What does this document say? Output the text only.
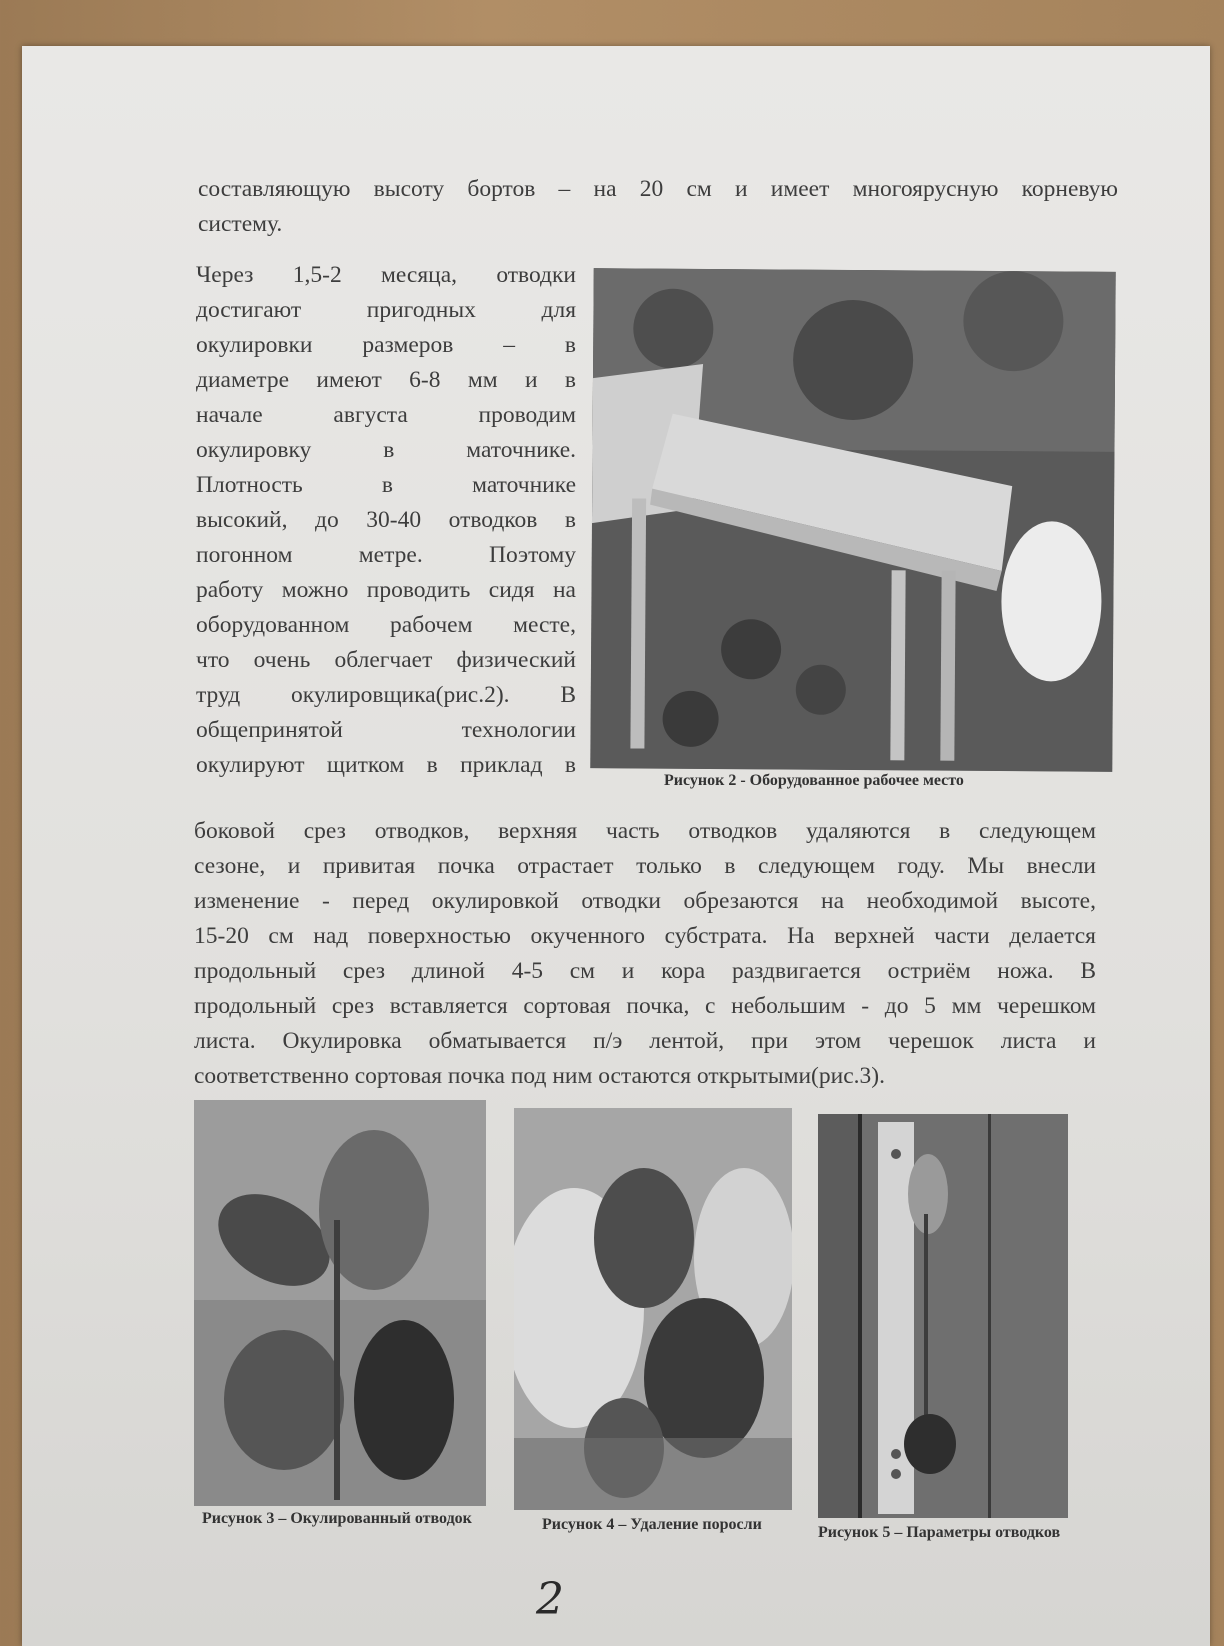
составляющую высоту бортов – на 20 см и имеет многоярусную корневую
систему.
Через 1,5-2 месяца, отводки
достигают пригодных для
окулировки размеров – в
диаметре имеют 6-8 мм и в
начале августа проводим
окулировку в маточнике.
Плотность в маточнике
высокий, до 30-40 отводков в
погонном метре. Поэтому
работу можно проводить сидя на
оборудованном рабочем месте,
что очень облегчает физический
труд окулировщика(рис.2). В
общепринятой технологии
окулируют щитком в приклад в
Рисунок 2 - Оборудованное рабочее место
боковой срез отводков, верхняя часть отводков удаляются в следующем
сезоне, и привитая почка отрастает только в следующем году. Мы внесли
изменение - перед окулировкой отводки обрезаются на необходимой высоте,
15-20 см над поверхностью окученного субстрата. На верхней части делается
продольный срез длиной 4-5 см и кора раздвигается остриём ножа. В
продольный срез вставляется сортовая почка, с небольшим - до 5 мм черешком
листа. Окулировка обматывается п/э лентой, при этом черешок листа и
соответственно сортовая почка под ним остаются открытыми(рис.3).
Рисунок 3 – Окулированный отводок	Рисунок 4 – Удаление поросли	Рисунок 5 – Параметры отводков
2
